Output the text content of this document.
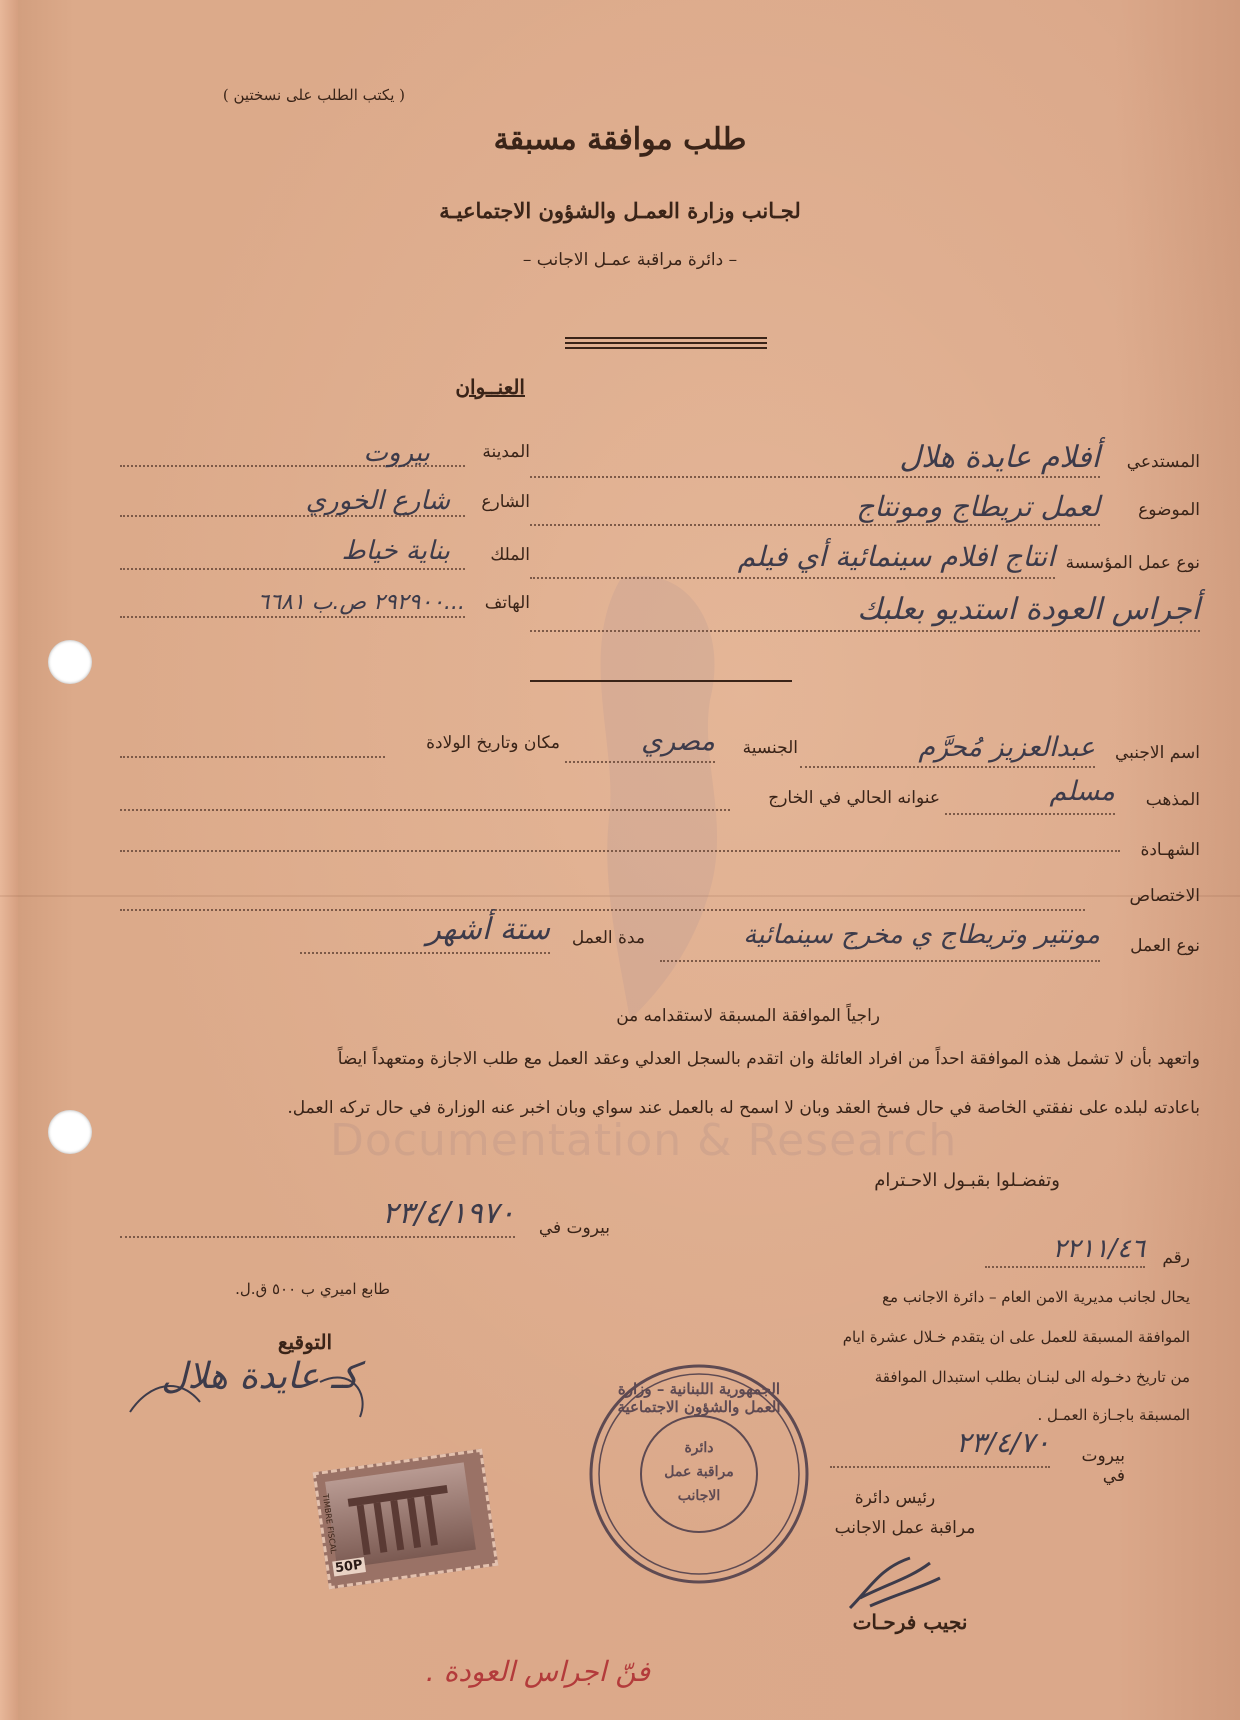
Documentation & Research
( يكتب الطلب على نسختين )
طلب موافقة مسبقة
لجـانب وزارة العمـل والشؤون الاجتماعيـة
– دائرة مراقبة عمـل الاجانب –
العنــوان
المدينة
بيروت
الشارع
شارع الخوري
الملك
بناية خياط
الهاتف
...٢٩٢٩٠٠ ص.ب ٦٦٨١
المستدعي
أفلام عايدة هلال
الموضوع
لعمل تريطاج ومونتاج
نوع عمل المؤسسة
انتاج افلام سينمائية أي فيلم
أجراس العودة استديو بعلبك
اسم الاجنبي
عبدالعزيز مُحرَّم
الجنسية
مصري
مكان وتاريخ الولادة
المذهب
مسلم
عنوانه الحالي في الخارج
الشهـادة
الاختصاص
نوع العمل
مونتير وتريطاج ي مخرج سينمائية
مدة العمل
ستة أشهر
راجياً الموافقة المسبقة لاستقدامه من
واتعهد بأن لا تشمل هذه الموافقة احداً من افراد العائلة وان اتقدم بالسجل العدلي وعقد العمل مع طلب الاجازة ومتعهداً ايضاً
باعادته لبلده على نفقتي الخاصة في حال فسخ العقد وبان لا اسمح له بالعمل عند سواي وبان اخبر عنه الوزارة في حال تركه العمل.
وتفضـلوا بقبـول الاحـترام
بيروت في
٢٣/٤/١٩٧٠
طابع اميري ب ٥٠٠ ق.ل.
التوقيع
كـ عايدة هلال
TIMBRE FISCAL
50P
الجمهورية اللبنانية – وزارة العمل والشؤون الاجتماعية
دائرة
مراقبة عمل
الاجانب
رقم
٢٢١١/٤٦
يحال لجانب مديرية الامن العام – دائرة الاجانب مع
الموافقة المسبقة للعمل على ان يتقدم خـلال عشرة ايام
من تاريخ دخـوله الى لبنـان بطلب استبدال الموافقة
المسبقة باجـازة العمـل .
بيروت في
٢٣/٤/٧٠
رئيس دائرة
مراقبة عمل الاجانب
نجيب فرحـات
فنّ اجراس العودة .
